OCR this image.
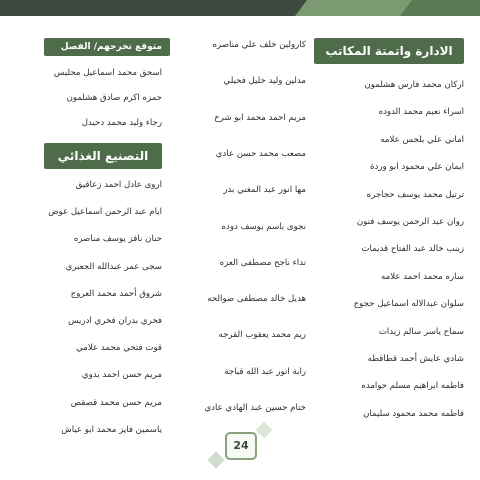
الادارة واتمتة المكاتب
اركان محمد فارس هشلمون
اسراء نعيم محمد الدوده
اماني علي بلجس علامه
ايمان علي محمود ابو وردة
ترتيل محمد يوسف حجاجره
روان عبد الرحمن يوسف فنون
زينب خالد عبد الفتاح قديمات
ساره محمد احمد علامه
سلوان عبدالاله اسماعيل حجوج
سماح ياسر سالم زيدات
شادي عايش أحمد قطاقطه
فاطمه ابراهيم مسلم حوامده
فاطمه محمد محمود سليمان
كارولين خلف علي مناصره
مدلين وليد خليل فحيلي
مريم احمد محمد ابو شرخ
مصعب محمد حسن عادي
مها انور عبد المغني بدر
نجوى باسم يوسف دوده
نداء ناجح مصطفى العزه
هديل خالد مصطفى صوالحه
ريم محمد يعقوب القرجه
رابة انور عبد الله قباجة
ختام حسين عبد الهادي عادي
متوقع تخرجهم/ الفصل الصيفي
اسحق محمد اسماعيل محليس
حمزه اكرم صادق هشلمون
رجاء وليد محمد دحيدل
التصنيع الغذائي
اروى عادل احمد زعاقيق
ايام عبد الرحمن اسماعيل عوض
حنان نافز يوسف مناصره
سجى عمر عبدالله الجعبري
شروق أحمد محمد العروج
فخري بدران فخري ادريس
قوت فتحي محمد علامي
مريم حسن احمد بدوي
مريم حسن محمد قصقص
ياسمين فايز محمد ابو عياش
24
